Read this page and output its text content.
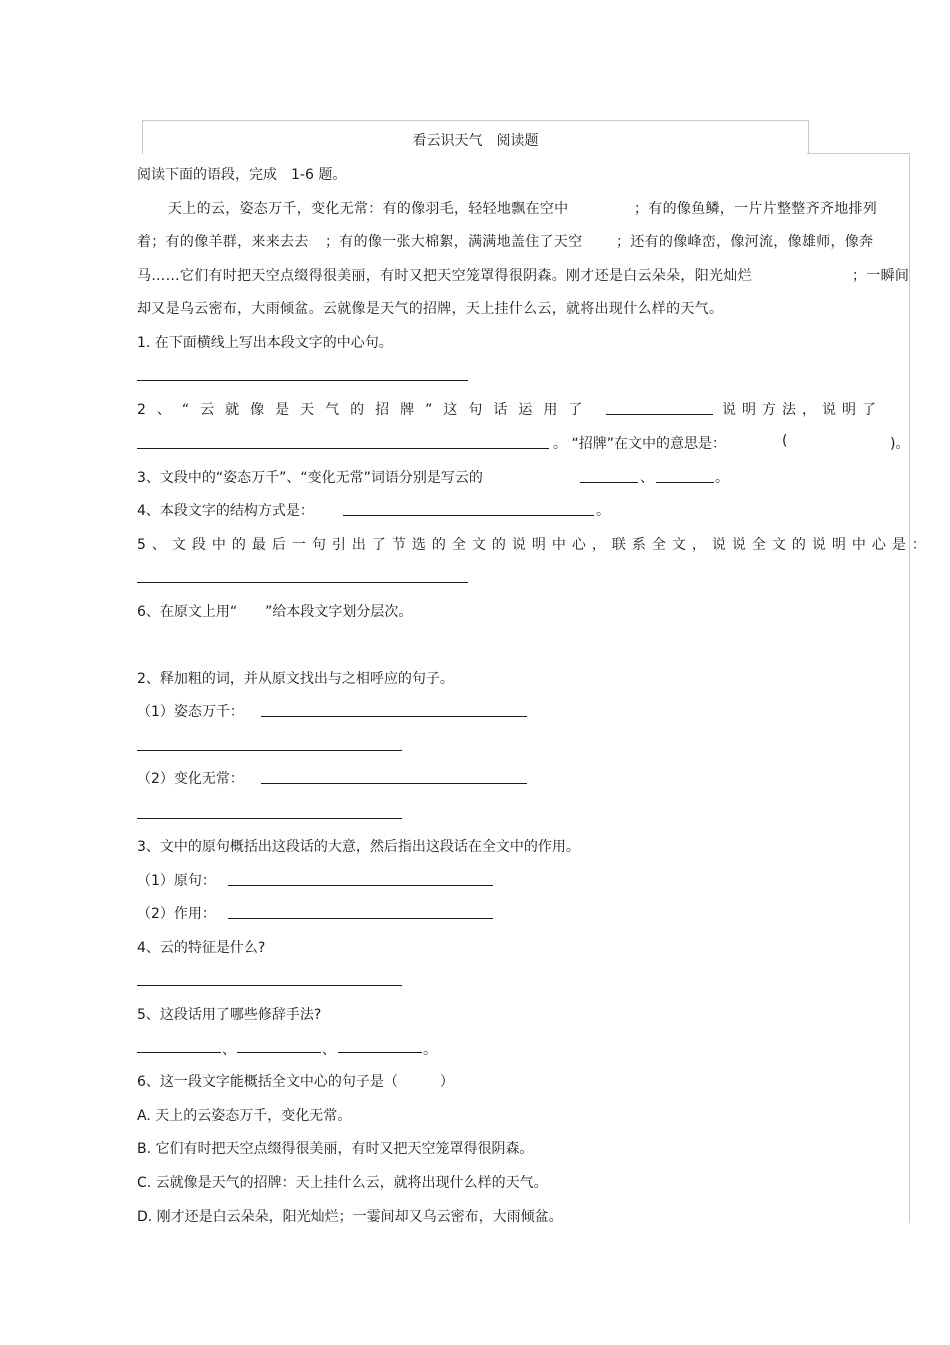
看云识天气　阅读题
阅读下面的语段，完成　1-6 题。
天上的云，姿态万千，变化无常：有的像羽毛，轻轻地飘在空中	；有的像鱼鳞，一片片整整齐齐地排列
着；有的像羊群，来来去去 ；有的像一张大棉絮，满满地盖住了天空 ；还有的像峰峦，像河流，像雄师，像奔
马……它们有时把天空点缀得很美丽，有时又把天空笼罩得很阴森。刚才还是白云朵朵，阳光灿烂	；一瞬间
却又是乌云密布，大雨倾盆。云就像是天气的招牌，天上挂什么云，就将出现什么样的天气。
1. 在下面横线上写出本段文字的中心句。
2、“云就像是天气的招牌”这句话运用了	说明方法，说明了
。 “招牌”在文中的意思是：	(	)。
3、文段中的“姿态万千”、“变化无常”词语分别是写云的	、	。
4、本段文字的结构方式是：	。
5、文段中的最后一句引出了节选的全文的说明中心，联系全文，说说全文的说明中心是：
6、在原文上用“　　”给本段文字划分层次。
2、释加粗的词，并从原文找出与之相呼应的句子。
（1）姿态万千：
（2）变化无常：
3、文中的原句概括出这段话的大意，然后指出这段话在全文中的作用。
（1）原句：
（2）作用：
4、云的特征是什么?
5、这段话用了哪些修辞手法?
、	、	。
6、这一段文字能概括全文中心的句子是（　　　）
A. 天上的云姿态万千，变化无常。
B. 它们有时把天空点缀得很美丽，有时又把天空笼罩得很阴森。
C. 云就像是天气的招牌：天上挂什么云，就将出现什么样的天气。
D. 刚才还是白云朵朵，阳光灿烂；一霎间却又乌云密布，大雨倾盆。
